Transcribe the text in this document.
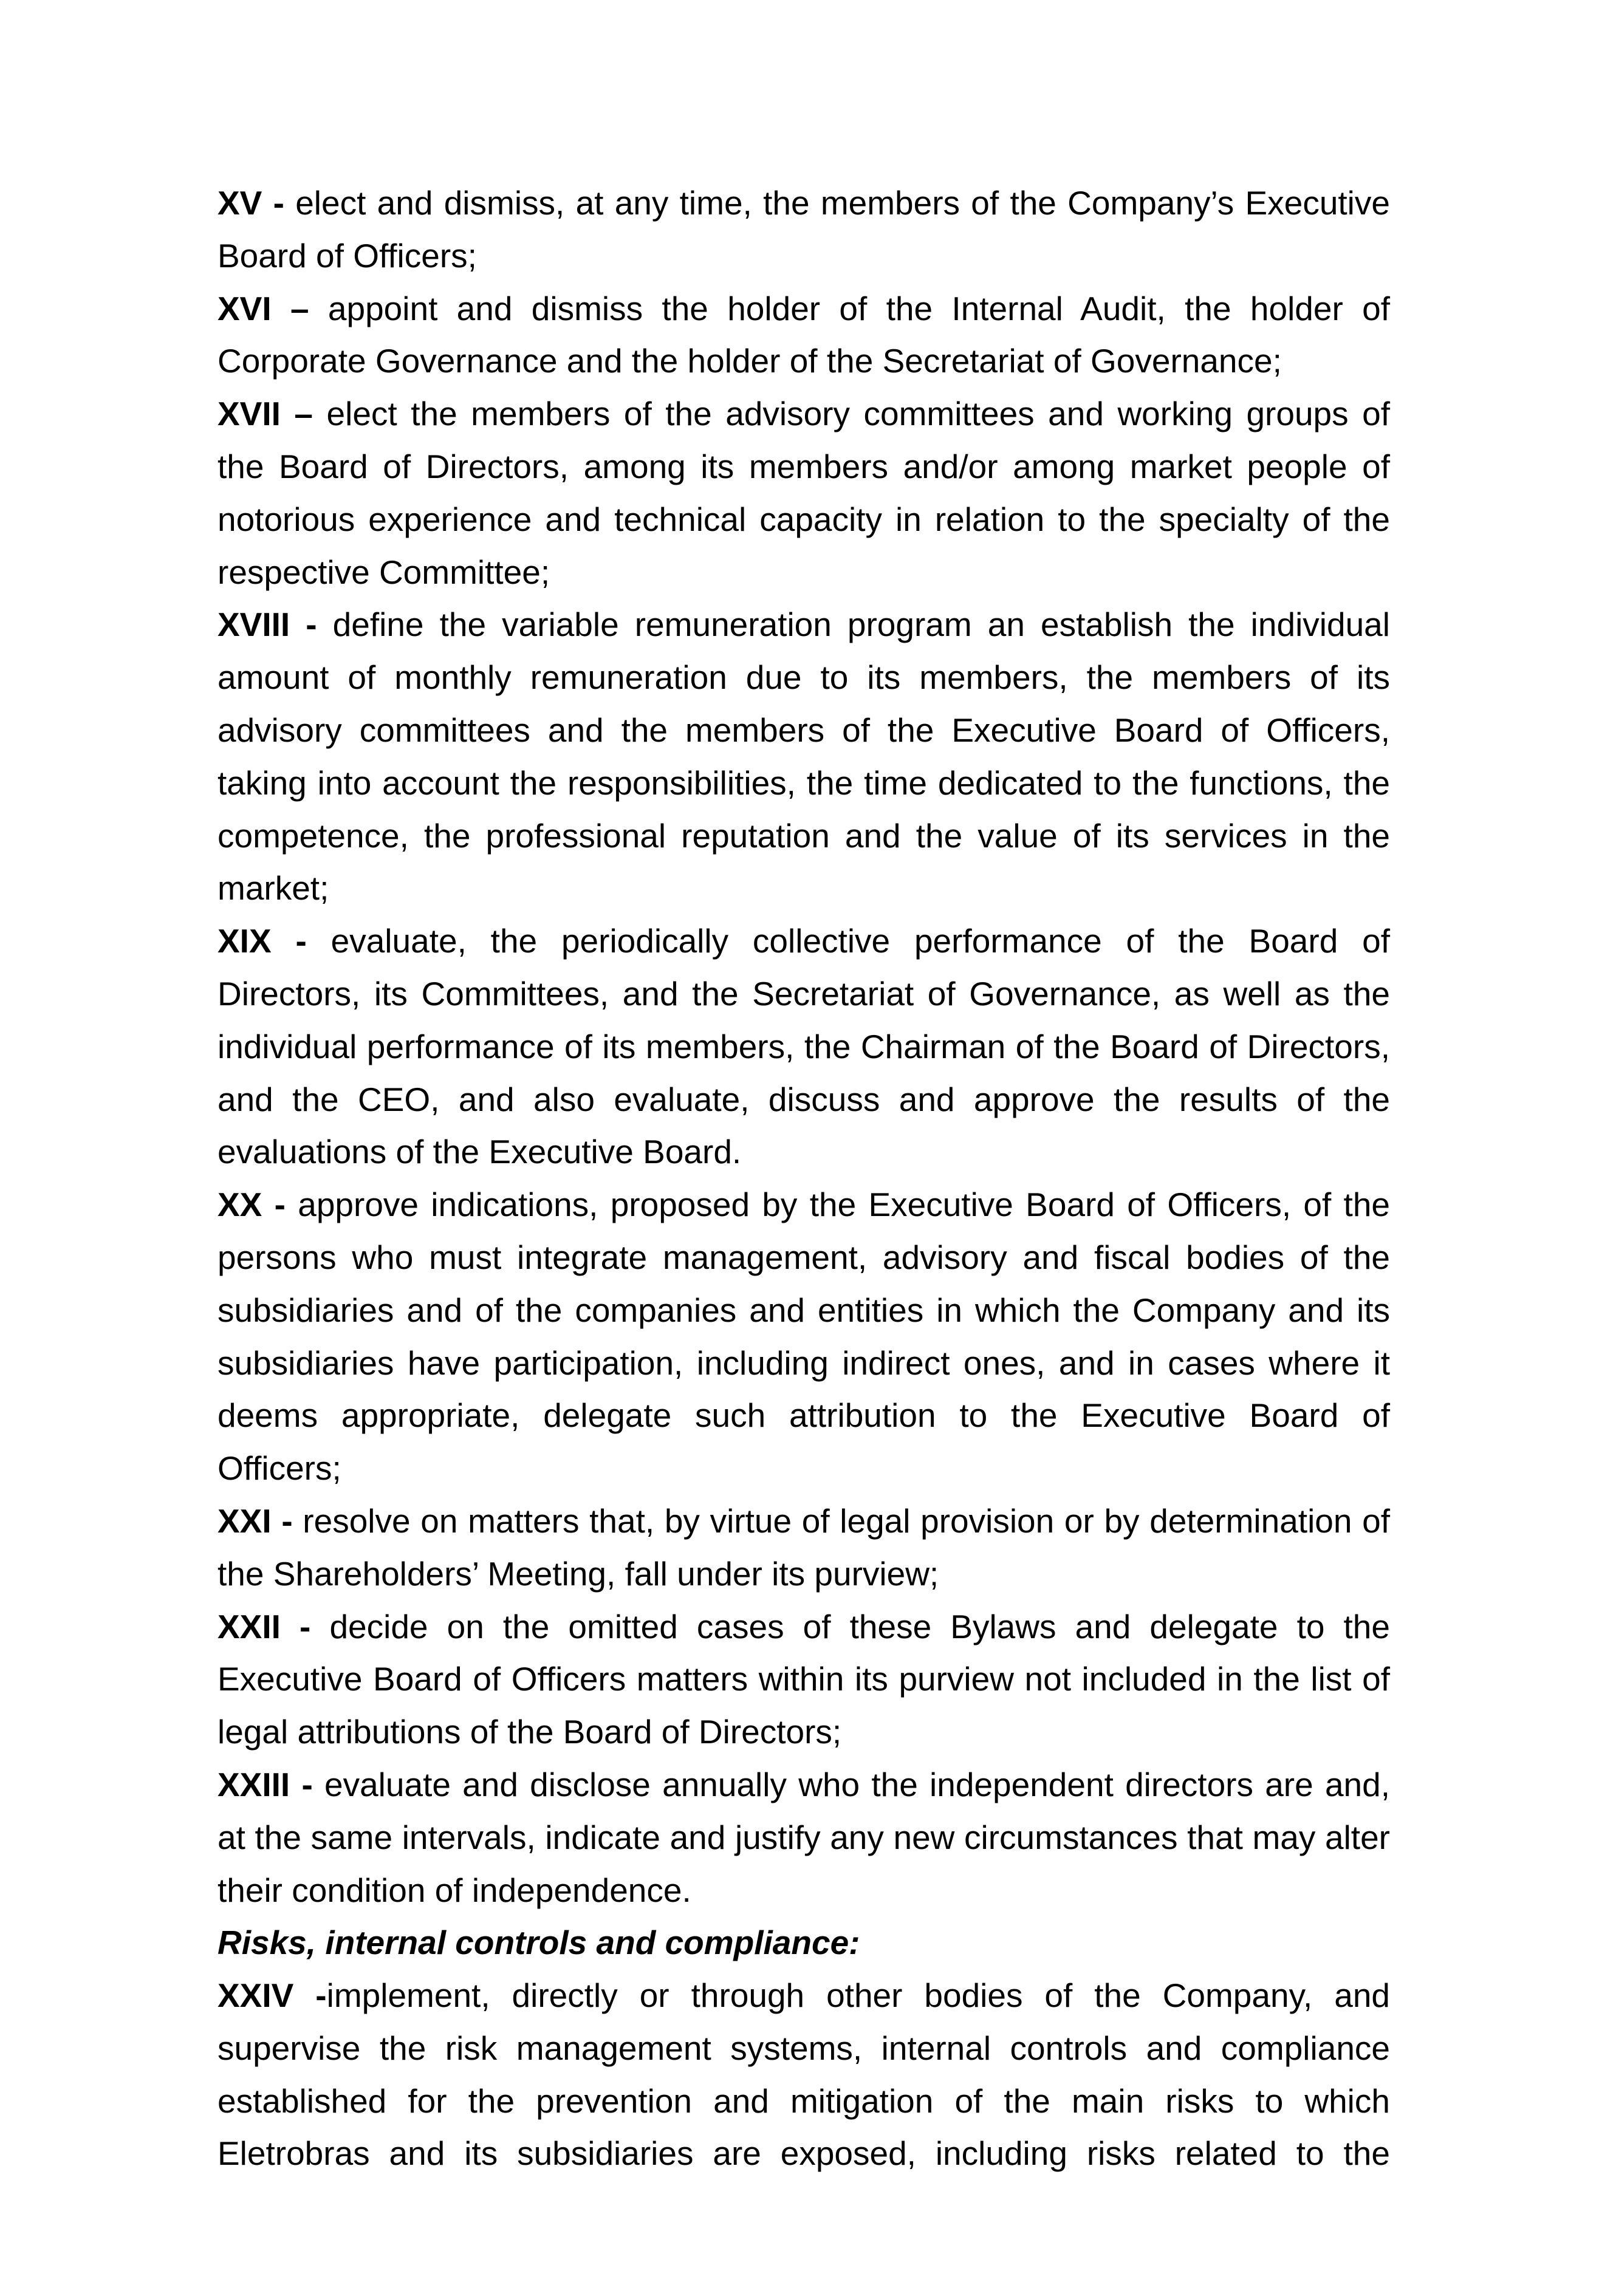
XV - elect and dismiss, at any time, the members of the Company’s Executive Board of Officers;

XVI – appoint and dismiss the holder of the Internal Audit, the holder of Corporate Governance and the holder of the Secretariat of Governance;

XVII – elect the members of the advisory committees and working groups of the Board of Directors, among its members and/or among market people of notorious experience and technical capacity in relation to the specialty of the respective Committee;

XVIII - define the variable remuneration program an establish the individual amount of monthly remuneration due to its members, the members of its advisory committees and the members of the Executive Board of Officers, taking into account the responsibilities, the time dedicated to the functions, the competence, the professional reputation and the value of its services in the market;

XIX - evaluate, the periodically collective performance of the Board of Directors, its Committees, and the Secretariat of Governance, as well as the individual performance of its members, the Chairman of the Board of Directors, and the CEO, and also evaluate, discuss and approve the results of the evaluations of the Executive Board.

XX - approve indications, proposed by the Executive Board of Officers, of the persons who must integrate management, advisory and fiscal bodies of the subsidiaries and of the companies and entities in which the Company and its subsidiaries have participation, including indirect ones, and in cases where it deems appropriate, delegate such attribution to the Executive Board of Officers;

XXI - resolve on matters that, by virtue of legal provision or by determination of the Shareholders’ Meeting, fall under its purview;

XXII - decide on the omitted cases of these Bylaws and delegate to the Executive Board of Officers matters within its purview not included in the list of legal attributions of the Board of Directors;

XXIII - evaluate and disclose annually who the independent directors are and, at the same intervals, indicate and justify any new circumstances that may alter their condition of independence.

Risks, internal controls and compliance:

XXIV -implement, directly or through other bodies of the Company, and supervise the risk management systems, internal controls and compliance established for the prevention and mitigation of the main risks to which Eletrobras and its subsidiaries are exposed, including risks related to the
